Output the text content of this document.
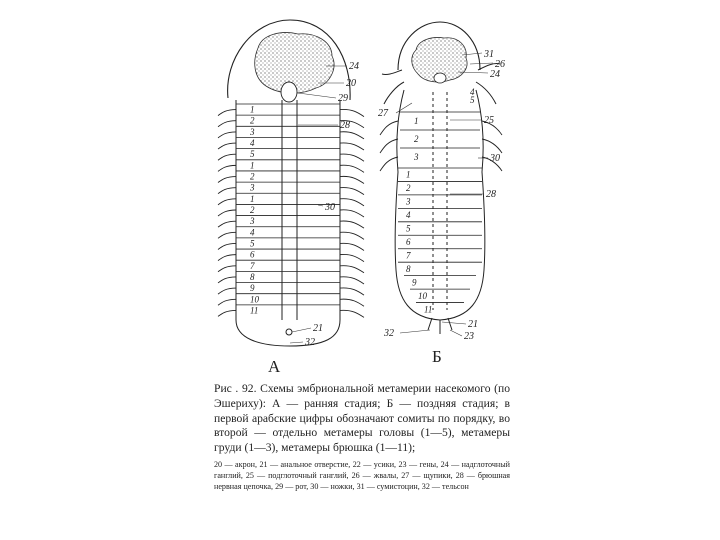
1
2
3
4
5
1
2
3
1
2
3
4
5
6
7
8
9
10
11
24
20
29
28
30
21
32
А
4
5
1
2
3
1
2
3
4
5
6
7
8
9
10
11
31
26
24
27
25
30
28
21
23
32
Б
Рис . 92. Схемы эмбриональной метамерии насекомого (по Эшериху): А — ранняя стадия; Б — поздняя стадия; в первой арабские цифры обозначают сомиты по порядку, во второй — отдельно метамеры головы (1—5), метамеры груди (1—3), метамеры брюшка (1—11);
20 — акрон, 21 — анальное отверстие, 22 — усики, 23 — гены, 24 — надглоточный ганглий, 25 — подглоточный ганглий, 26 — жвалы, 27 — щупики, 28 — брюшная нервная цепочка, 29 — рот, 30 — ножки, 31 — сумистоцин, 32 — тельсон
